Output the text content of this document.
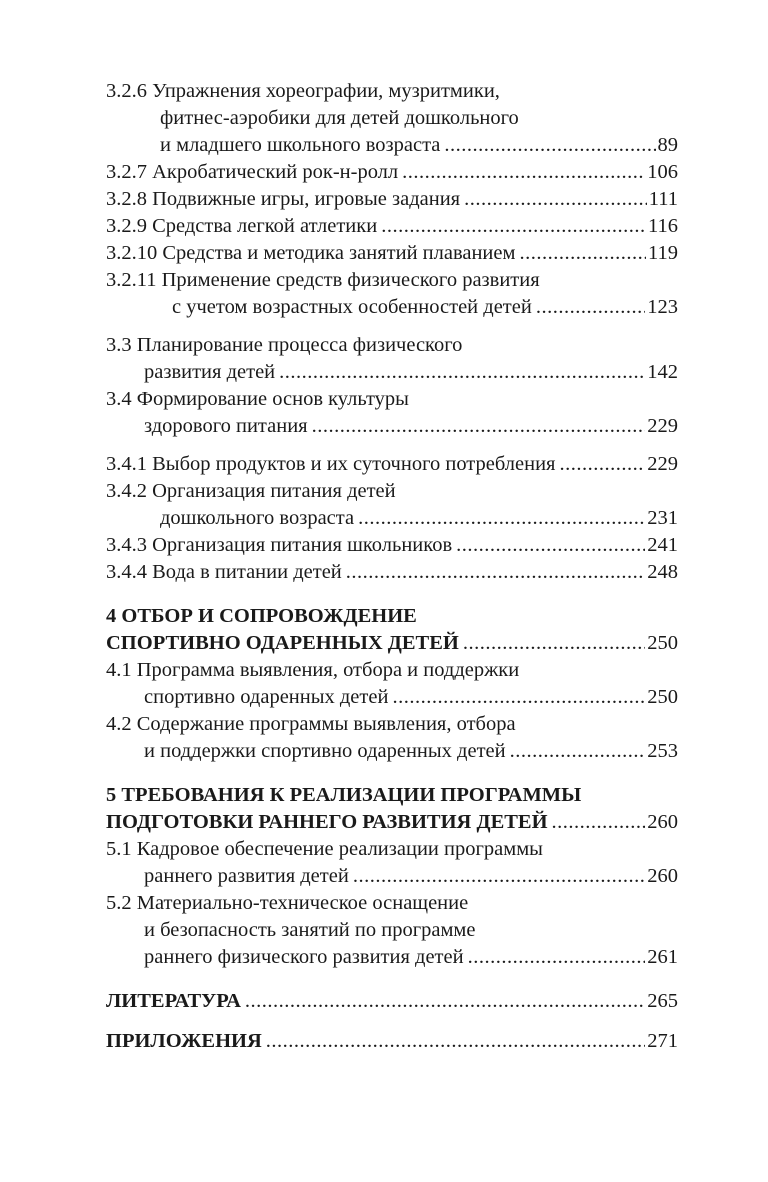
3.2.6 Упражнения хореографии, музритмики,
фитнес-аэробики для детей дошкольного
и младшего школьного возраста .....	89
3.2.7 Акробатический рок-н-ролл .....	106
3.2.8 Подвижные игры, игровые задания .....	111
3.2.9 Средства легкой атлетики .....	116
3.2.10 Средства и методика занятий плаванием .....	119
3.2.11 Применение средств физического развития
с учетом возрастных особенностей детей .....	123
3.3 Планирование процесса физического
развития детей .....	142
3.4 Формирование основ культуры
здорового питания .....	229
3.4.1 Выбор продуктов и их суточного потребления .....	229
3.4.2 Организация питания детей
дошкольного возраста .....	231
3.4.3 Организация питания школьников .....	241
3.4.4 Вода в питании детей .....	248
4 ОТБОР И СОПРОВОЖДЕНИЕ
СПОРТИВНО ОДАРЕННЫХ ДЕТЕЙ .....	250
4.1 Программа выявления, отбора и поддержки
спортивно одаренных детей .....	250
4.2 Содержание программы выявления, отбора
и поддержки спортивно одаренных детей .....	253
5 ТРЕБОВАНИЯ К РЕАЛИЗАЦИИ ПРОГРАММЫ
ПОДГОТОВКИ РАННЕГО РАЗВИТИЯ ДЕТЕЙ .....	260
5.1 Кадровое обеспечение реализации программы
раннего развития детей .....	260
5.2 Материально-техническое оснащение
и безопасность занятий по программе
раннего физического развития детей .....	261
ЛИТЕРАТУРА .....	265
ПРИЛОЖЕНИЯ .....	271
